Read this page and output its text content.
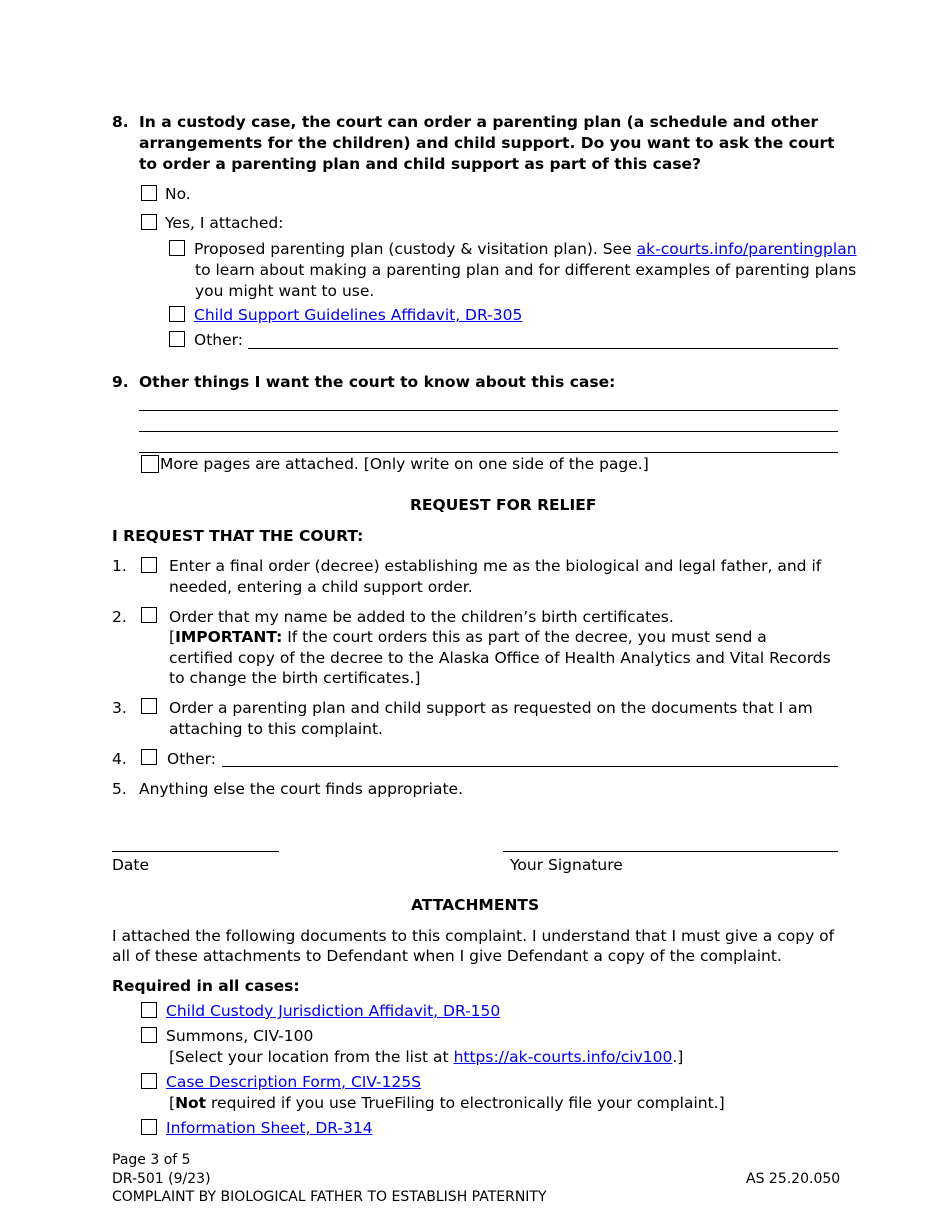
8. In a custody case, the court can order a parenting plan (a schedule and other
arrangements for the children) and child support. Do you want to ask the court
to order a parenting plan and child support as part of this case?
No.
Yes, I attached:
Proposed parenting plan (custody & visitation plan). See ak-courts.info/parentingplan
to learn about making a parenting plan and for different examples of parenting plans
you might want to use.
Child Support Guidelines Affidavit, DR-305
Other:
9. Other things I want the court to know about this case:
More pages are attached. [Only write on one side of the page.]
REQUEST FOR RELIEF
I REQUEST THAT THE COURT:
1.	Enter a final order (decree) establishing me as the biological and legal father, and if
needed, entering a child support order.
2.	Order that my name be added to the children’s birth certificates.
[IMPORTANT: If the court orders this as part of the decree, you must send a
certified copy of the decree to the Alaska Office of Health Analytics and Vital Records
to change the birth certificates.]
3.	Order a parenting plan and child support as requested on the documents that I am
attaching to this complaint.
4.	Other:
5. Anything else the court finds appropriate.
Date	Your Signature
ATTACHMENTS
I attached the following documents to this complaint. I understand that I must give a copy of
all of these attachments to Defendant when I give Defendant a copy of the complaint.
Required in all cases:
Child Custody Jurisdiction Affidavit, DR-150
Summons, CIV-100
[Select your location from the list at https://ak-courts.info/civ100.]
Case Description Form, CIV-125S
[Not required if you use TrueFiling to electronically file your complaint.]
Information Sheet, DR-314
Page 3 of 5
DR-501 (9/23)	AS 25.20.050
COMPLAINT BY BIOLOGICAL FATHER TO ESTABLISH PATERNITY
